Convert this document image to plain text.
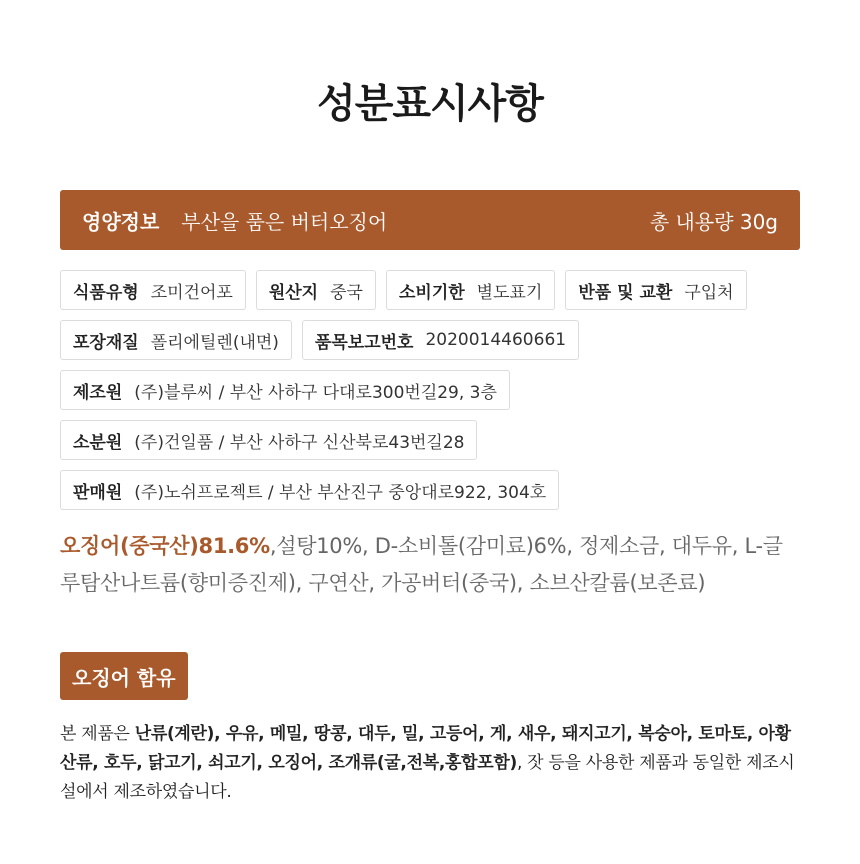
성분표시사항
영양정보 부산을 품은 버터오징어	총 내용량 30g
식품유형 조미건어포 원산지 중국 소비기한 별도표기 반품 및 교환 구입처
포장재질 폴리에틸렌(내면) 품목보고번호 2020014460661
제조원 (주)블루씨 / 부산 사하구 다대로300번길29, 3층
소분원 (주)건일품 / 부산 사하구 신산북로43번길28
판매원 (주)노쉬프로젝트 / 부산 부산진구 중앙대로922, 304호
오징어(중국산)81.6%,설탕10%, D-소비톨(감미료)6%, 정제소금, 대두유, L-글루탐산나트륨(향미증진제), 구연산, 가공버터(중국), 소브산칼륨(보존료)
오징어 함유
본 제품은 난류(계란), 우유, 메밀, 땅콩, 대두, 밀, 고등어, 게, 새우, 돼지고기, 복숭아, 토마토, 아황산류, 호두, 닭고기, 쇠고기, 오징어, 조개류(굴,전복,홍합포함), 잣 등을 사용한 제품과 동일한 제조시설에서 제조하였습니다.
